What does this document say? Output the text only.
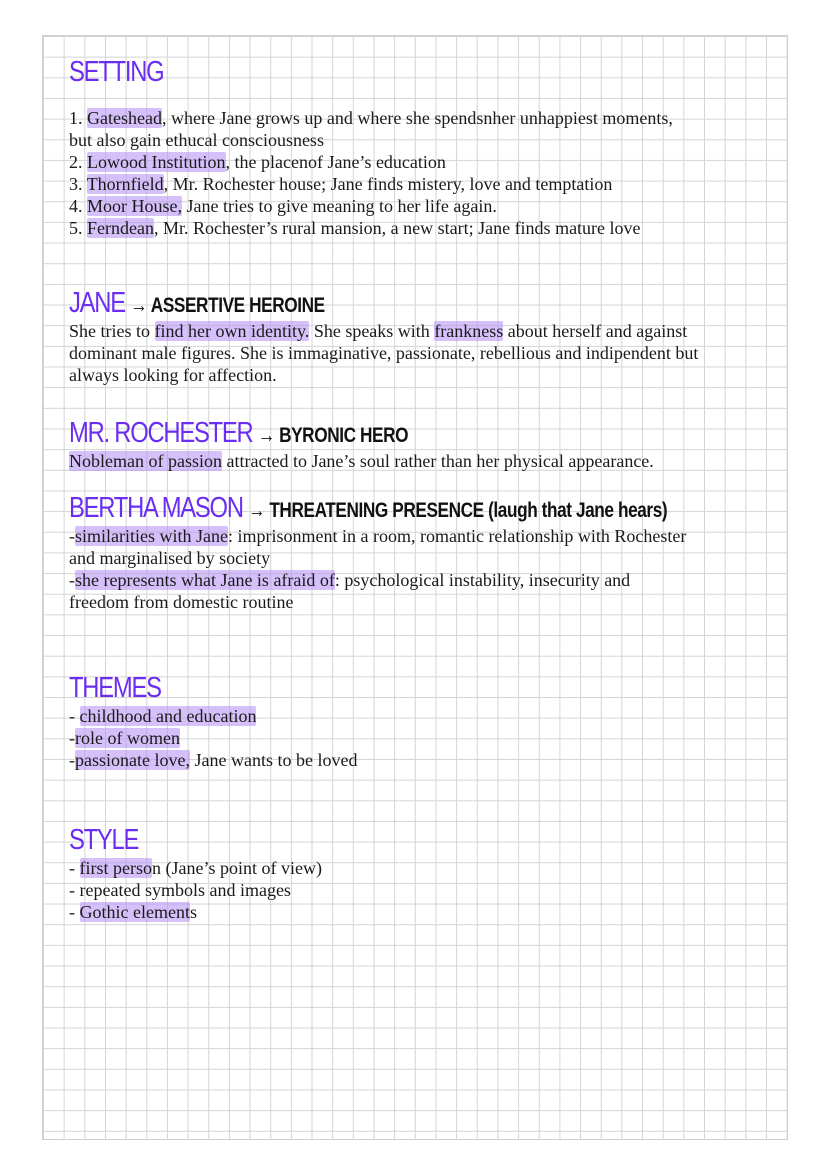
SETTING
1. Gateshead, where Jane grows up and where she spendsnher unhappiest moments,
but also gain ethucal consciousness
2. Lowood Institution, the placenof Jane’s education
3. Thornfield, Mr. Rochester house; Jane finds mistery, love and temptation
4. Moor House, Jane tries to give meaning to her life again.
5. Ferndean, Mr. Rochester’s rural mansion, a new start; Jane finds mature love
JANE → ASSERTIVE HEROINE
She tries to find her own identity. She speaks with frankness about herself and against
dominant male figures. She is immaginative, passionate, rebellious and indipendent but
always looking for affection.
MR. ROCHESTER → BYRONIC HERO
Nobleman of passion attracted to Jane’s soul rather than her physical appearance.
BERTHA MASON → THREATENING PRESENCE (laugh that Jane hears)
-similarities with Jane: imprisonment in a room, romantic relationship with Rochester
and marginalised by society
-she represents what Jane is afraid of: psychological instability, insecurity and
freedom from domestic routine
THEMES
- childhood and education
-role of women
-passionate love, Jane wants to be loved
STYLE
- first person (Jane’s point of view)
- repeated symbols and images
- Gothic elements
